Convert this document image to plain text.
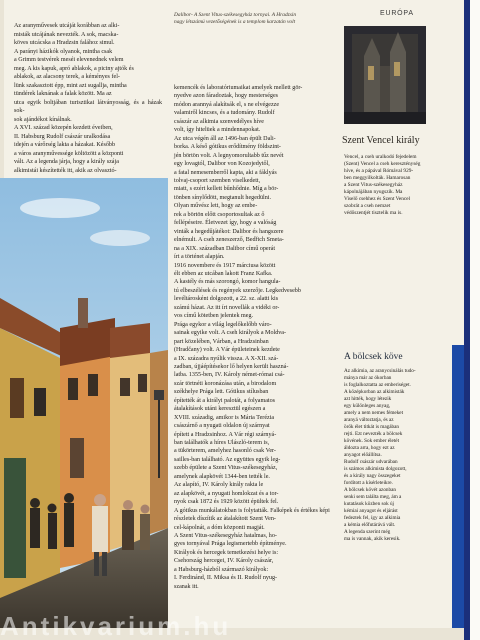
Az aranyművesek utcáját korábban az alki-
misták utcájának nevezték. A sok, macska-
köves utcácska a Hradzsin falához simul.
A parányi házikók olyanok, mintha csak
a Grimm testvérek meséi elevenednek velem
meg. A kis kapuk, apró ablakok, a piciny ajtók és
ablakok, az alacsony terek, a kéményes fel-
lünk szakasztott épp, mint azt sugallja, mintha
tündérek laknának a falak között. Ma az
utca egyik boltjában turisztikai látványosság, és a házak sok-
sok ajándékot kínálnak.
A XVI. század közepén kezdett éveiben,
II. Habsburg Rudolf császár uralkodása
idején a várőrség lakta a házakat. Később
a város aranyművessége költözött a központi
vált. Az a legenda járja, hogy a király szája
alkimistái készítették itt, akik az olvasztó-
Dalibor- A Szent Vitus-székesegyház tornyai. A Hradzsin
nagy létszámú vezetőségének is a templom karzatán volt
kemencék és laboratóriumaikat amelyek mellett gör-
nyedve azon fáradoztak, hogy mesterséges
módon arannyá alakítsák el, s ne elvégezze
valamiről kincses, és a tudomány. Rudolf
császár az alkimia szenvedélyes híve
volt, így hitelüek a mindennapokat.
Az utca végén áll az 1496-ban épült Dali-
borka. A késő gótikus erődítmény földszint-
jén börtön volt. A legnyomorultabb tűz nevét
egy lovagtól, Dalibor von Kozojedytől,
a fatal nemesemberről kapta, aki a fáklyás
tolvaj-csoport szemben viselkedett,
miatt, s ezért kellett bűnhődnie. Míg a bör-
tönben sínylődött, megtanult hegedülni.
Olyan művész lett, hogy az embe-
rek a börtön előtt csoportosultak az ő
fellépéseire. Életvezet így, hogy a valóság
vinták a hegedűjátékot: Dalibor és hangszere
elnémult. A cseh zeneszerző, Bedřich Smeta-
na a XIX. században Dalibor című operát
írt a történet alapján.
1916 novembere és 1917 márciusa között
élt ebben az utcában lakott Franz Kafka.
A kastély és más szorongó, komor hangula-
tú elbeszélések és regények szerzője. Legkedvesebb
levéltárosként dolgozott, a 22. sz. alatti kis
számú házat. Az itt írt novellák a vidéki or-
vos című kötetben jelentek meg.
Prága egykor a világ legelőkelőbb váro-
sainak egyike volt. A cseh királyok a Moldva-
part közelében, Várban, a Hradzsinban
(Hradčany) volt. A Vár épületeinek kezdete
a IX. századra nyúlik vissza. A X-XII. szá-
zadban, újjáépítésekor lő helyen került haszná-
latba. 1355-ben, IV. Károly német-római csá-
szár törtnéti koronázása után, a birodalom
székhelye Prága lett. Gótikus stílusban
építették át a királyi palotát, a folyamatos
átalakítások utáni keresztül egészen a
XVIII. századig, amikor is Mária Terézia
császárnő a nyugati oldalon új szárnyat
épített a Hradzsinhoz. A Vár régi szárnyá-
ban találhatók a híres Ulászló-terem is,
a tükörterem, amelyhez hasonló csak Ver-
sailles-ban található. Az együttes egyik leg-
szebb épülete a Szent Vitus-székesegyház,
amelynek alapkövét 1344-ben tették le.
Az alapító, IV. Károly király rakta le
az alapkövét, a nyugati homlokzat és a tor-
nyok csak 1872 és 1929 között épültek fel.
A gótikus munkálatokban is folytatták. Falképek és értékes képi
részletek díszítik az átalakított Szent Ven-
cel-kápolnát, a dóm központi magját.
A Szent Vitus-székesegyház hatalmas, ho-
gyes tornyával Prága legismertebb építménye.
Királyok és hercegek temetkezési helye is:
Csehország hercegei, IV. Károly császár,
a Habsburg-házból származó királyok:
I. Ferdinánd, II. Miksa és II. Rudolf nyug-
szanak itt.
EURÓPA
Szent Vencel király
Vencel, a cseh uralkodó fejedelem
(Szent) Vencel a cseh kereszténység
híve, és a pápával Rómával 929-
ben meggyilkolták. Hamarosan
a Szent Vitus-székesegyház
kápolnájában nyugszik. Ma
Viselő csehhez és Szent Vencel
szobrát a cseh nemzet
védőszentjét tisztelik ma is.
A bölcsek köve
Az alkimia, az aranycsinálás tudo-
mánya már az ókorban
is foglalkoztatta az emberiséget.
A középkorban az alkimisták
azt hitték, hogy létezik
egy különleges anyag,
amely a nem nemes fémeket
aranyá változtatja, és az
örök élet titkát is magában
rejti. Ezt nevezték a bölcsek
kövének. Sok ember életét
áldozta arra, hogy ezt az
anyagot előállítsa.
Rudolf császár udvarában
is számos alkimista dolgozott,
és a király nagy összegeket
fordított a kísérleteikre.
A bölcsek kövét azonban
senki sem találta meg, ám a
kutatások közben sok új
kémiai anyagot és eljárást
fedeztek fel, így az alkimia
a kémia előfutárává vált.
A legenda szerint még
ma is vannak, akik keresik.
Antikvarium.hu
